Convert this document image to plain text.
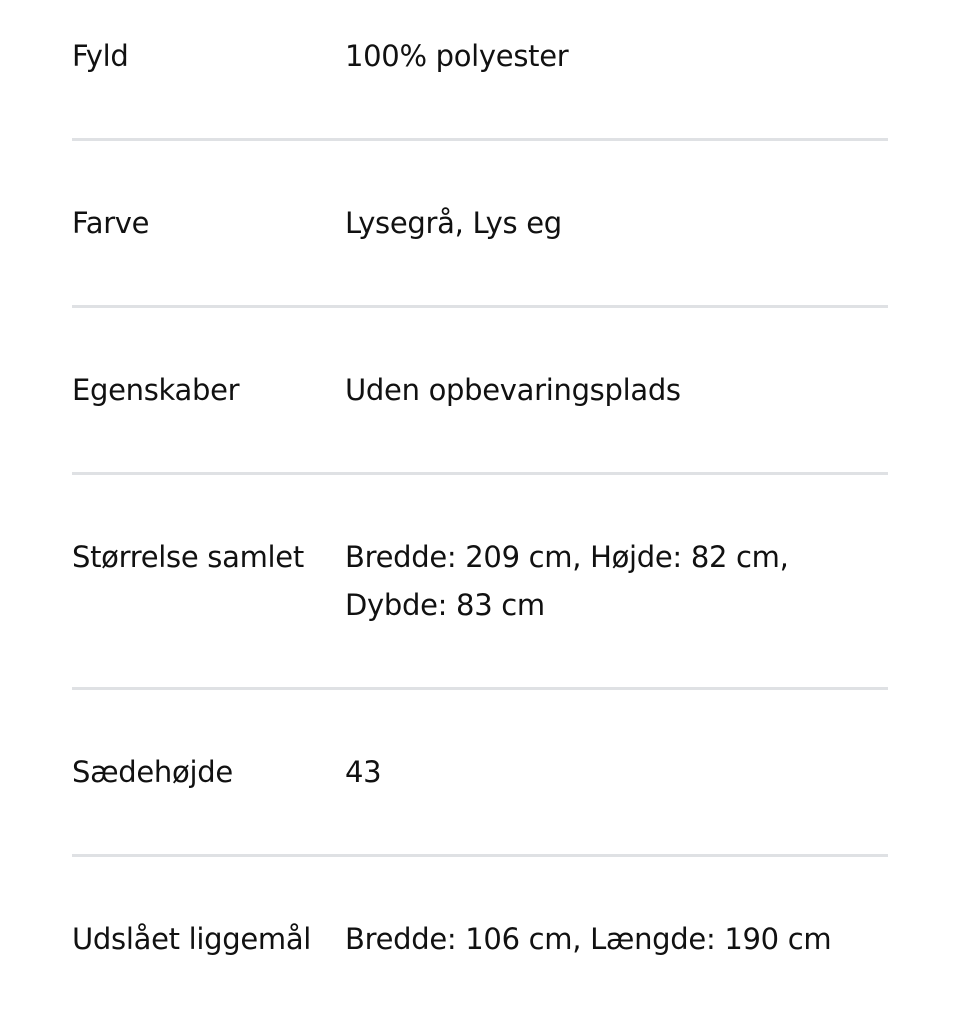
Fyld	100% polyester
Farve	Lysegrå, Lys eg
Egenskaber	Uden opbevaringsplads
Størrelse samlet	Bredde: 209 cm, Højde: 82 cm, Dybde: 83 cm
Sædehøjde	43
Udslået liggemål	Bredde: 106 cm, Længde: 190 cm
